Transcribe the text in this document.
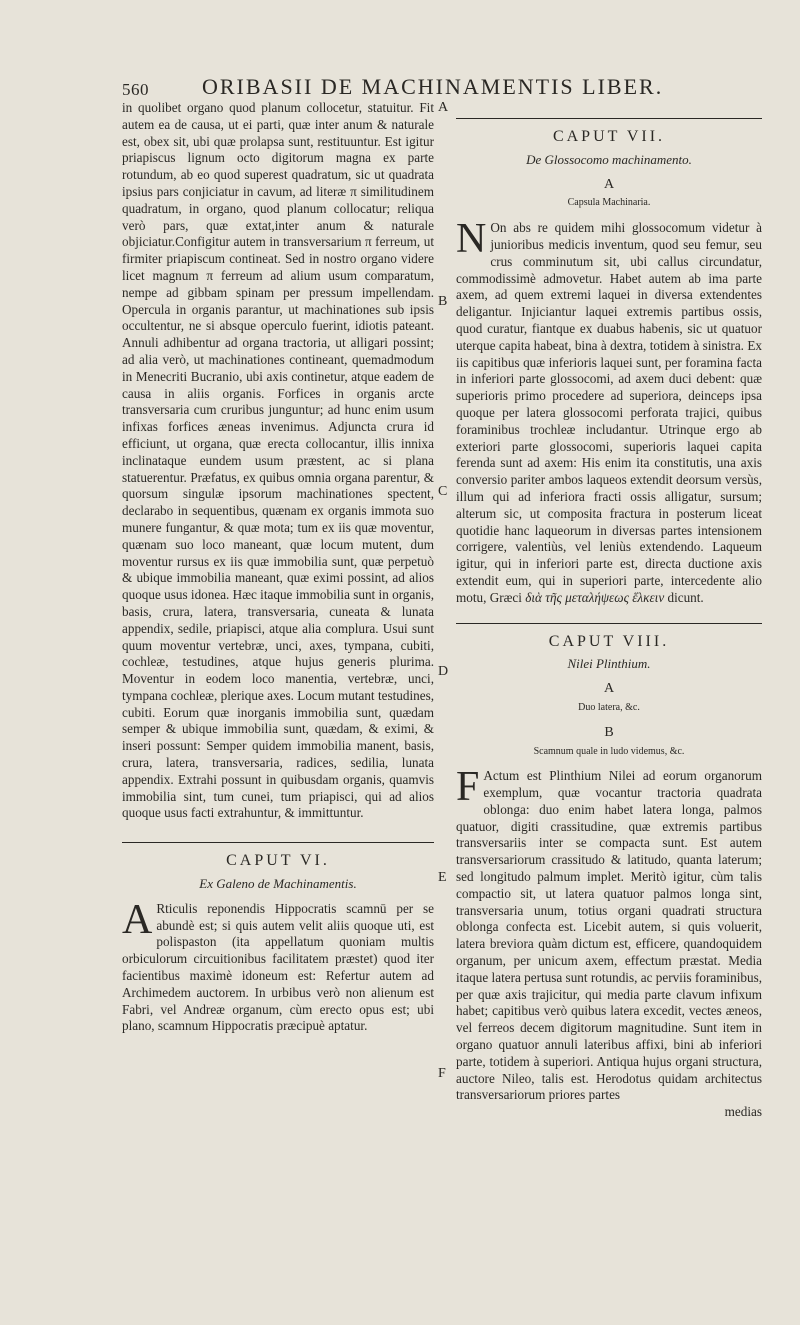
560 ORIBASII DE MACHINAMENTIS LIBER.
A
B
C
D
E
F

in quolibet organo quod planum collocetur, statuitur. Fit autem ea de causa, ut ei parti, quæ inter anum & naturale est, obex sit, ubi quæ prolapsa sunt, restituuntur. Est igitur priapiscus lignum octo digitorum magna ex parte rotundum, ab eo quod superest quadratum, sic ut quadrata ipsius pars conjiciatur in cavum, ad literæ π similitudinem quadratum, in organo, quod planum collocatur; reliqua verò pars, quæ extat,inter anum & naturale objiciatur.Configitur autem in transversarium π ferreum, ut firmiter priapiscum contineat. Sed in nostro organo videre licet magnum π ferreum ad alium usum comparatum, nempe ad gibbam spinam per pressum impellendam. Opercula in organis parantur, ut machinationes sub ipsis occultentur, ne si absque operculo fuerint, idiotis pateant. Annuli adhibentur ad organa tractoria, ut alligari possint; ad alia verò, ut machinationes contineant, quemadmodum in Menecriti Bucranio, ubi axis continetur, atque eadem de causa in aliis organis. Forfices in organis arcte transversaria cum cruribus junguntur; ad hunc enim usum infixas forfices æneas invenimus. Adjuncta crura id efficiunt, ut organa, quæ erecta collocantur, illis innixa inclinataque eundem usum præstent, ac si plana statuerentur. Præfatus, ex quibus omnia organa parentur, & quorsum singulæ ipsorum machinationes spectent, declarabo in sequentibus, quænam ex organis immota suo munere fungantur, & quæ mota; tum ex iis quæ moventur, quænam suo loco maneant, quæ locum mutent, dum moventur rursus ex iis quæ immobilia sunt, quæ perpetuò & ubique immobilia maneant, quæ eximi possint, ad alios quoque usus idonea. Hæc itaque immobilia sunt in organis, basis, crura, latera, transversaria, cuneata & lunata appendix, sedile, priapisci, atque alia complura. Usui sunt quum moventur vertebræ, unci, axes, tympana, cubiti, cochleæ, testudines, atque hujus generis plurima. Moventur in eodem loco manentia, vertebræ, unci, tympana cochleæ, plerique axes. Locum mutant testudines, cubiti. Eorum quæ inorganis immobilia sunt, quædam semper & ubique immobilia sunt, quædam, & eximi, & inseri possunt: Semper quidem immobilia manent, basis, crura, latera, transversaria, radices, sedilia, lunata appendix. Extrahi possunt in quibusdam organis, quamvis immobilia sint, tum cunei, tum priapisci, qui ad alios quoque usus facti extrahuntur, & immittuntur.

CAPUT VI.
Ex Galeno de Machinamentis.

A Rticulis reponendis Hippocratis scamnū per se abundè est; si quis autem velit aliis quoque uti, est polispaston (ita appellatum quoniam multis orbiculorum circuitionibus facilitatem præstet) quod iter facientibus maximè idoneum est: Refertur autem ad Archimedem auctorem. In urbibus verò non alienum est Fabri, vel Andreæ organum, cùm erecto opus est; ubi plano, scamnum Hippocratis præcipuè aptatur.

CAPUT VII.
De Glossocomo machinamento.
A
Capsula Machinaria.

N On abs re quidem mihi glossocomum videtur à junioribus medicis inventum, quod seu femur, seu crus comminutum sit, ubi callus circundatur, commodissimè admovetur. Habet autem ab ima parte axem, ad quem extremi laquei in diversa extendentes deligantur. Injiciantur laquei extremis partibus ossis, quod curatur, fiantque ex duabus habenis, sic ut quatuor uterque capita habeat, bina à dextra, totidem à sinistra. Ex iis capitibus quæ inferioris laquei sunt, per foramina facta in inferiori parte glossocomi, ad axem duci debent: quæ superioris primo procedere ad superiora, deinceps ipsa quoque per latera glossocomi perforata trajici, quibus foraminibus trochleæ includantur. Utrinque ergo ab exteriori parte glossocomi, superioris laquei capita ferenda sunt ad axem: His enim ita constitutis, una axis conversio pariter ambos laqueos extendit deorsum versùs, illum qui ad inferiora fracti ossis alligatur, sursum; alterum sic, ut composita fractura in posterum liceat quotidie hanc laqueorum in diversas partes intensionem corrigere, valentiùs, vel leniùs extendendo. Laqueum igitur, qui in inferiori parte est, directa ductione axis extendit eum, qui in superiori parte, intercedente alio motu, Græci διὰ τῆς μεταλήψεως ἕλκειν dicunt.

CAPUT VIII.
Nilei Plinthium.
A
Duo latera, &c.
B
Scamnum quale in ludo videmus, &c.

F Actum est Plinthium Nilei ad eorum organorum exemplum, quæ vocantur tractoria quadrata oblonga: duo enim habet latera longa, palmos quatuor, digiti crassitudine, quæ extremis partibus transversariis inter se compacta sunt. Est autem transversariorum crassitudo & latitudo, quanta laterum; sed longitudo palmum implet. Meritò igitur, cùm talis compactio sit, ut latera quatuor palmos longa sint, transversaria unum, totius organi quadrati structura oblonga confecta est. Licebit autem, si quis voluerit, latera breviora quàm dictum est, efficere, quandoquidem organum, per unicum axem, effectum præstat. Media itaque latera pertusa sunt rotundis, ac perviis foraminibus, per quæ axis trajicitur, qui media parte clavum infixum habet; capitibus verò quibus latera excedit, vectes æneos, vel ferreos decem digitorum magnitudine. Sunt item in organo quatuor annuli lateribus affixi, bini ab inferiori parte, totidem à superiori. Antiqua hujus organi structura, auctore Nileo, talis est. Herodotus quidam architectus transversariorum priores partes

medias
